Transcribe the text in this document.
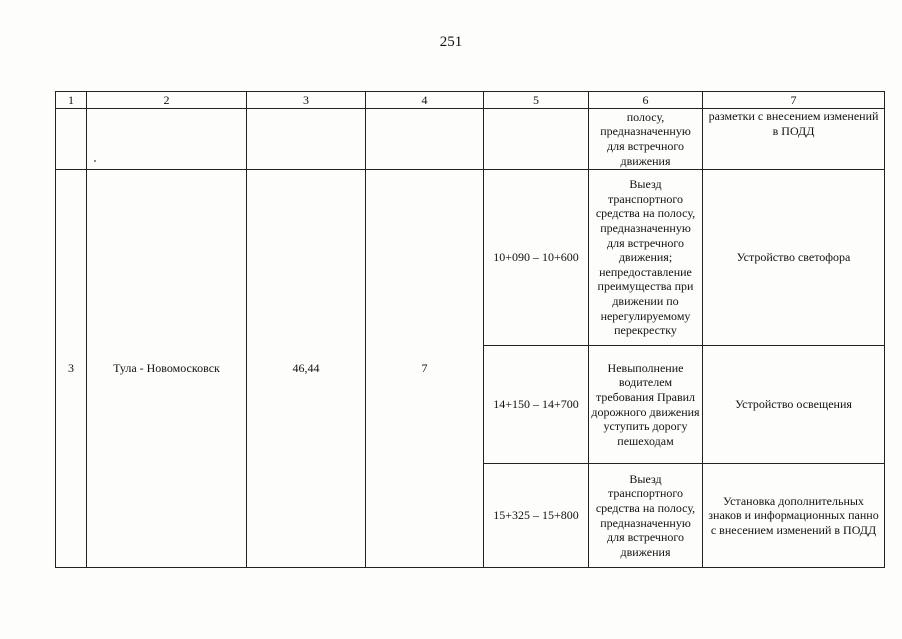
251
1	2	3	4	5	6	7
					полосу, предназначенную для встречного движения	разметки с внесением изменений в ПОДД
3	Тула - Новомосковск	46,44	7	10+090 – 10+600	Выезд транспортного средства на полосу, предназначенную для встречного движения; непредоставление преимущества при движении по нерегулируемому перекрестку	Устройство светофора
				14+150 – 14+700	Невыполнение водителем требования Правил дорожного движения уступить дорогу пешеходам	Устройство освещения
				15+325 – 15+800	Выезд транспортного средства на полосу, предназначенную для встречного движения	Установка дополнительных знаков и информационных панно с внесением изменений в ПОДД
